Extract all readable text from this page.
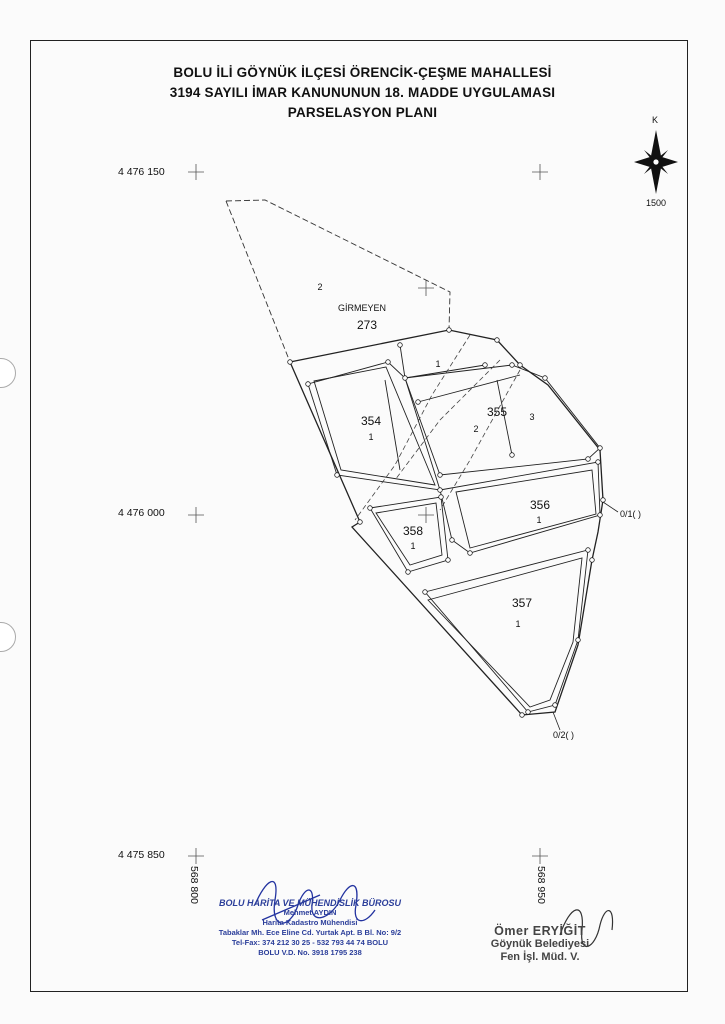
BOLU İLİ GÖYNÜK İLÇESİ ÖRENCİK-ÇEŞME MAHALLESİ
3194 SAYILI İMAR KANUNUNUN 18. MADDE UYGULAMASI
PARSELASYON PLANI
4 476 150
4 476 000
4 475 850
568 800	568 950
K
1500
2
GİRMEYEN
273
354
1
355
2
356
1
358
1
357
1
1
3
0/1( )
0/2( )
BOLU HARİTA VE MÜHENDİSLİK BÜROSU
Mehmet AYDIN
Harita Kadastro Mühendisi
Tabaklar Mh. Ece Eline Cd. Yurtak Apt. B Bl. No: 9/2
Tel-Fax: 374 212 30 25 - 532 793 44 74 BOLU
BOLU V.D. No. 3918 1795 238
Ömer ERYİĞİT
Göynük Belediyesi
Fen İşl. Müd. V.
